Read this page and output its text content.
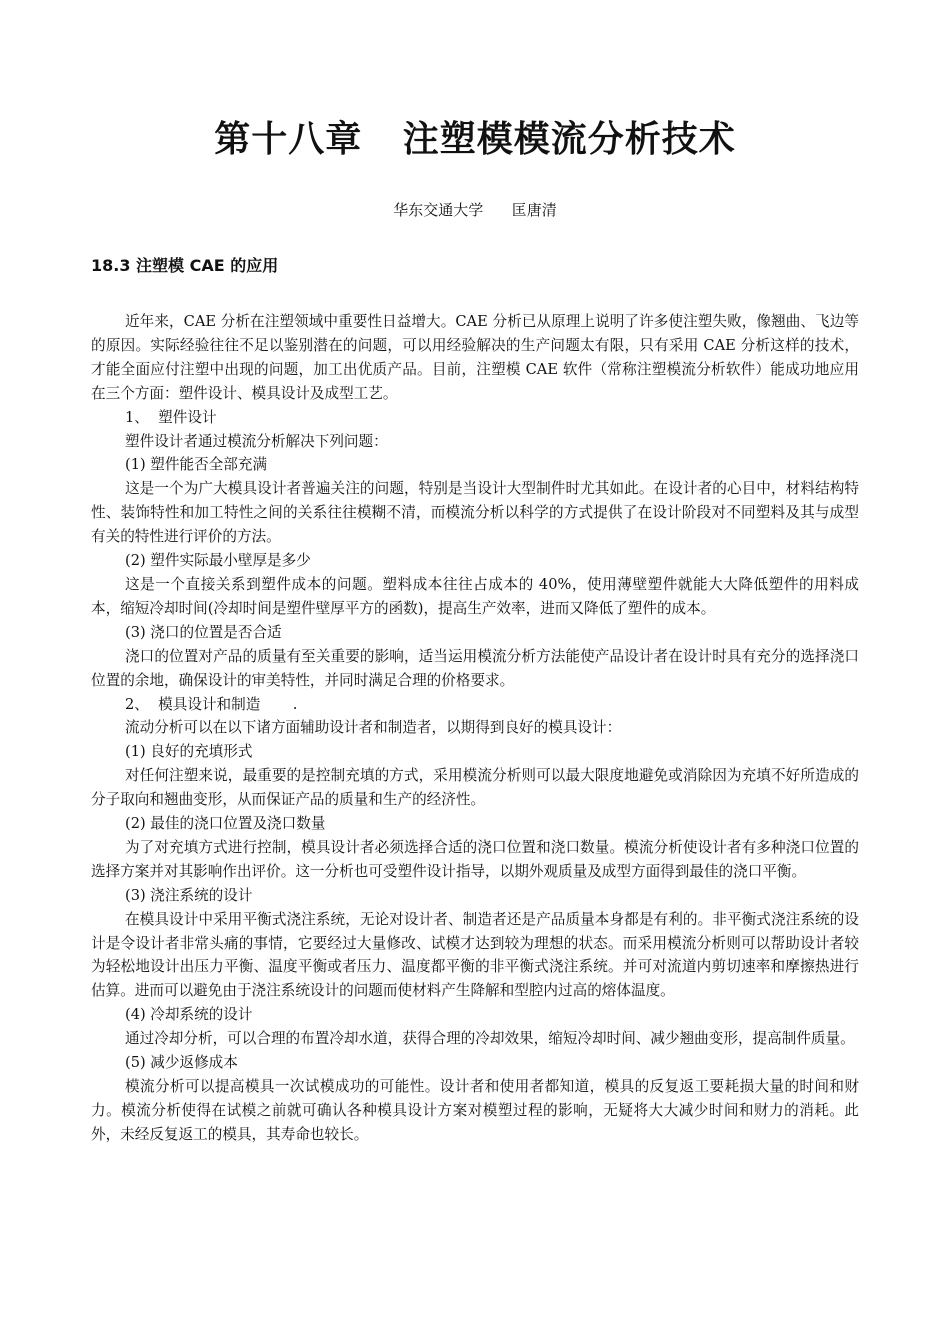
第十八章   注塑模模流分析技术
华东交通大学      匡唐清
18.3 注塑模 CAE 的应用

近年来，CAE 分析在注塑领域中重要性日益增大。CAE 分析已从原理上说明了许多使注塑失败，像翘曲、飞边等的原因。实际经验往往不足以鉴别潜在的问题，可以用经验解决的生产问题太有限，只有采用 CAE 分析这样的技术，才能全面应付注塑中出现的问题，加工出优质产品。目前，注塑模 CAE 软件（常称注塑模流分析软件）能成功地应用在三个方面：塑件设计、模具设计及成型工艺。

1、  塑件设计

塑件设计者通过模流分析解决下列问题：

(1) 塑件能否全部充满

这是一个为广大模具设计者普遍关注的问题，特别是当设计大型制件时尤其如此。在设计者的心目中，材料结构特性、装饰特性和加工特性之间的关系往往模糊不清，而模流分析以科学的方式提供了在设计阶段对不同塑料及其与成型有关的特性进行评价的方法。

(2) 塑件实际最小壁厚是多少

这是一个直接关系到塑件成本的问题。塑料成本往往占成本的 40%，使用薄壁塑件就能大大降低塑件的用料成本，缩短冷却时间(冷却时间是塑件壁厚平方的函数)，提高生产效率，进而又降低了塑件的成本。

(3) 浇口的位置是否合适

浇口的位置对产品的质量有至关重要的影响，适当运用模流分析方法能使产品设计者在设计时具有充分的选择浇口位置的余地，确保设计的审美特性，并同时满足合理的价格要求。

2、  模具设计和制造       .

流动分析可以在以下诸方面辅助设计者和制造者，以期得到良好的模具设计：

(1) 良好的充填形式

对任何注塑来说，最重要的是控制充填的方式，采用模流分析则可以最大限度地避免或消除因为充填不好所造成的分子取向和翘曲变形，从而保证产品的质量和生产的经济性。

(2) 最佳的浇口位置及浇口数量

为了对充填方式进行控制，模具设计者必须选择合适的浇口位置和浇口数量。模流分析使设计者有多种浇口位置的选择方案并对其影响作出评价。这一分析也可受塑件设计指导，以期外观质量及成型方面得到最佳的浇口平衡。

(3) 浇注系统的设计

在模具设计中采用平衡式浇注系统，无论对设计者、制造者还是产品质量本身都是有利的。非平衡式浇注系统的设计是令设计者非常头痛的事情，它要经过大量修改、试模才达到较为理想的状态。而采用模流分析则可以帮助设计者较为轻松地设计出压力平衡、温度平衡或者压力、温度都平衡的非平衡式浇注系统。并可对流道内剪切速率和摩擦热进行估算。进而可以避免由于浇注系统设计的问题而使材料产生降解和型腔内过高的熔体温度。

(4) 冷却系统的设计

通过冷却分析，可以合理的布置冷却水道，获得合理的冷却效果，缩短冷却时间、减少翘曲变形，提高制件质量。

(5) 减少返修成本

模流分析可以提高模具一次试模成功的可能性。设计者和使用者都知道，模具的反复返工要耗损大量的时间和财力。模流分析使得在试模之前就可确认各种模具设计方案对模塑过程的影响，无疑将大大减少时间和财力的消耗。此外，未经反复返工的模具，其寿命也较长。
